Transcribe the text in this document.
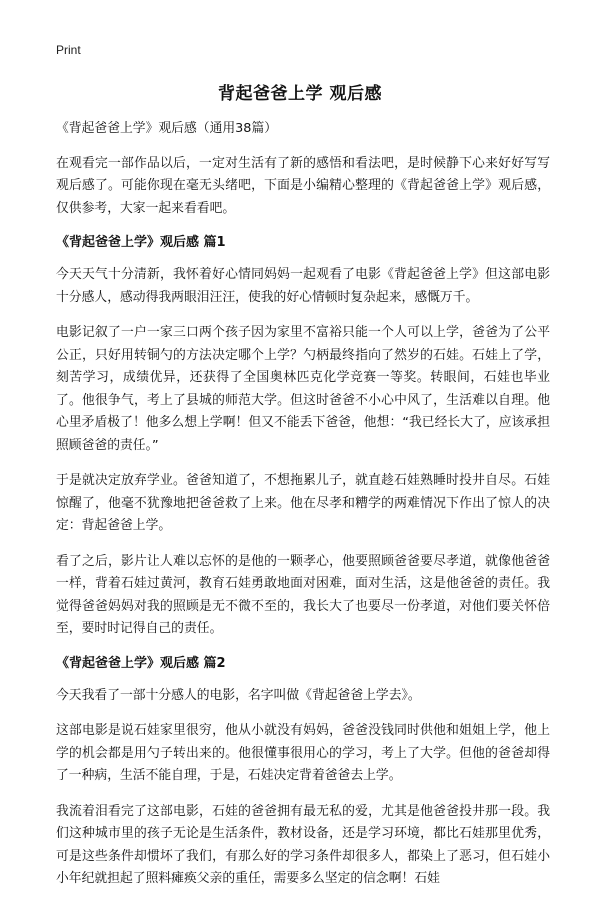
Print
背起爸爸上学 观后感

《背起爸爸上学》观后感（通用38篇）

在观看完一部作品以后，一定对生活有了新的感悟和看法吧，是时候静下心来好好写写观后感了。可能你现在毫无头绪吧，下面是小编精心整理的《背起爸爸上学》观后感，仅供参考，大家一起来看看吧。

《背起爸爸上学》观后感 篇1

今天天气十分清新，我怀着好心情同妈妈一起观看了电影《背起爸爸上学》但这部电影十分感人，感动得我两眼泪汪汪，使我的好心情顿时复杂起来，感慨万千。

电影记叙了一户一家三口两个孩子因为家里不富裕只能一个人可以上学，爸爸为了公平公正，只好用转铜勺的方法决定哪个上学？勺柄最终指向了然岁的石娃。石娃上了学，刻苦学习，成绩优异，还获得了全国奥林匹克化学竞赛一等奖。转眼间，石娃也毕业了。他很争气，考上了县城的师范大学。但这时爸爸不小心中风了，生活难以自理。他心里矛盾极了！他多么想上学啊！但又不能丢下爸爸，他想：“我已经长大了，应该承担照顾爸爸的责任。”

于是就决定放弃学业。爸爸知道了，不想拖累儿子，就直趁石娃熟睡时投井自尽。石娃惊醒了，他毫不犹豫地把爸爸救了上来。他在尽孝和糟学的两难情况下作出了惊人的决定：背起爸爸上学。

看了之后，影片让人难以忘怀的是他的一颗孝心，他要照顾爸爸要尽孝道，就像他爸爸一样，背着石娃过黄河，教育石娃勇敢地面对困难，面对生活，这是他爸爸的责任。我觉得爸爸妈妈对我的照顾是无不微不至的，我长大了也要尽一份孝道，对他们要关怀倍至，要时时记得自己的责任。

《背起爸爸上学》观后感 篇2

今天我看了一部十分感人的电影，名字叫做《背起爸爸上学去》。

这部电影是说石娃家里很穷，他从小就没有妈妈，爸爸没钱同时供他和姐姐上学，他上学的机会都是用勺子转出来的。他很懂事很用心的学习，考上了大学。但他的爸爸却得了一种病，生活不能自理，于是，石娃决定背着爸爸去上学。

我流着泪看完了这部电影，石娃的爸爸拥有最无私的爱，尤其是他爸爸投井那一段。我们这种城市里的孩子无论是生活条件，教材设备，还是学习环境，都比石娃那里优秀，可是这些条件却惯坏了我们，有那么好的学习条件却很多人，都染上了恶习，但石娃小小年纪就担起了照料瘫痪父亲的重任，需要多么坚定的信念啊！石娃
